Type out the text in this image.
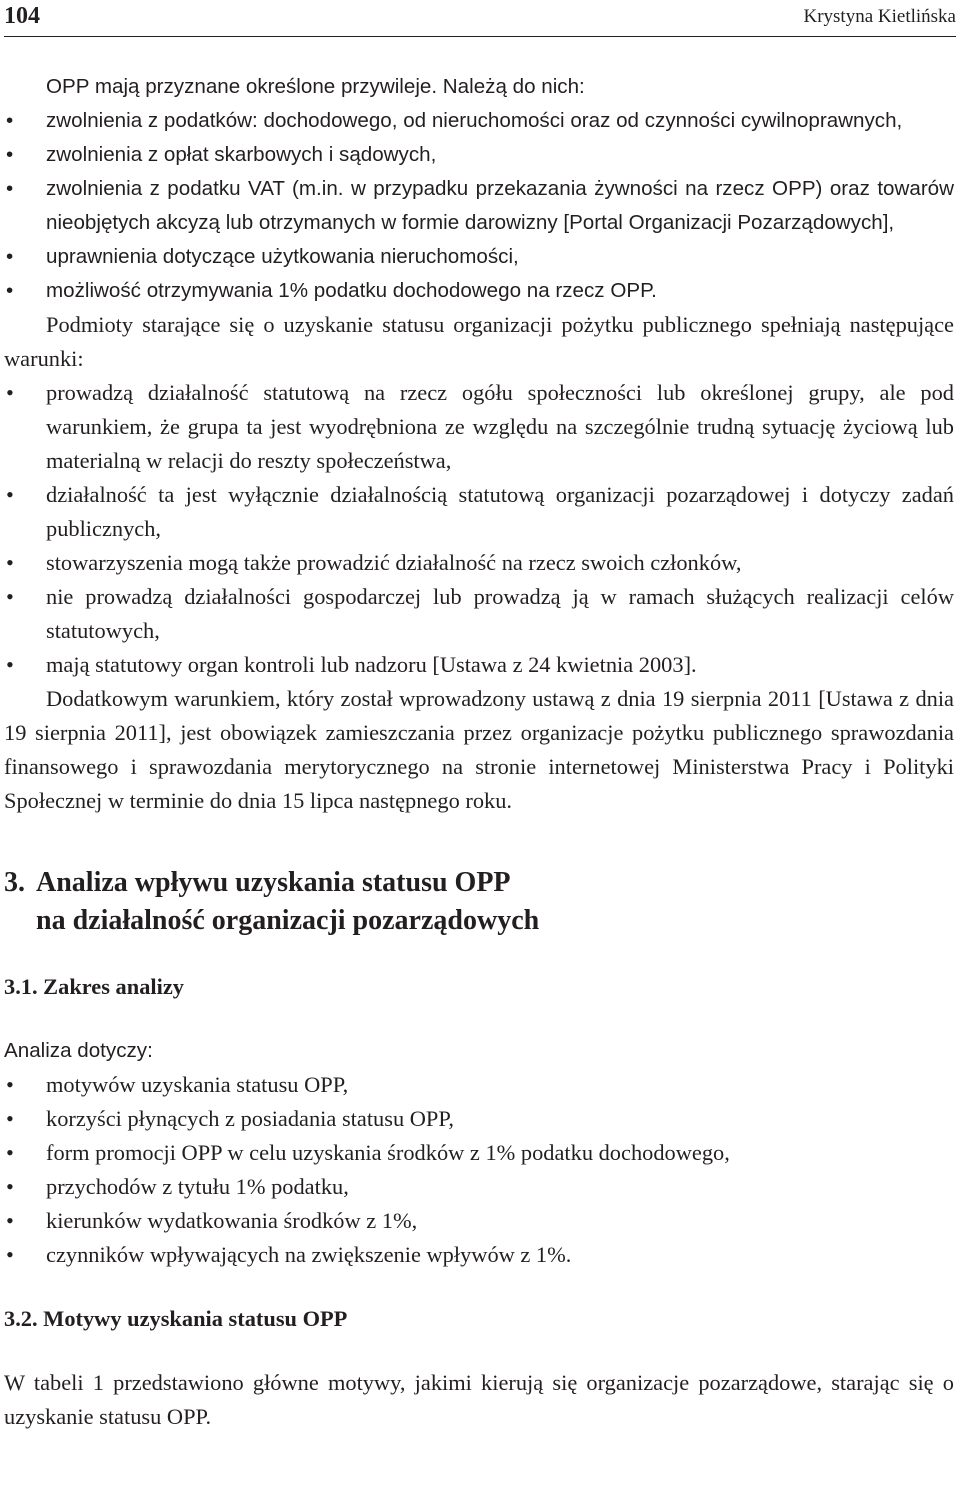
104	Krystyna Kietlińska

OPP mają przyznane określone przywileje. Należą do nich:

• zwolnienia z podatków: dochodowego, od nieruchomości oraz od czynności cywilnoprawnych,
• zwolnienia z opłat skarbowych i sądowych,
• zwolnienia z podatku VAT (m.in. w przypadku przekazania żywności na rzecz OPP) oraz towarów nieobjętych akcyzą lub otrzymanych w formie darowizny [Portal Organizacji Pozarządowych],
• uprawnienia dotyczące użytkowania nieruchomości,
• możliwość otrzymywania 1% podatku dochodowego na rzecz OPP.

Podmioty starające się o uzyskanie statusu organizacji pożytku publicznego spełniają następujące warunki:

• prowadzą działalność statutową na rzecz ogółu społeczności lub określonej grupy, ale pod warunkiem, że grupa ta jest wyodrębniona ze względu na szczególnie trudną sytuację życiową lub materialną w relacji do reszty społeczeństwa,
• działalność ta jest wyłącznie działalnością statutową organizacji pozarządowej i dotyczy zadań publicznych,
• stowarzyszenia mogą także prowadzić działalność na rzecz swoich członków,
• nie prowadzą działalności gospodarczej lub prowadzą ją w ramach służących realizacji celów statutowych,
• mają statutowy organ kontroli lub nadzoru [Ustawa z 24 kwietnia 2003].

Dodatkowym warunkiem, który został wprowadzony ustawą z dnia 19 sierpnia 2011 [Ustawa z dnia 19 sierpnia 2011], jest obowiązek zamieszczania przez organizacje pożytku publicznego sprawozdania finansowego i sprawozdania merytorycznego na stronie internetowej Ministerstwa Pracy i Polityki Społecznej w terminie do dnia 15 lipca następnego roku.

3. Analiza wpływu uzyskania statusu OPP
na działalność organizacji pozarządowych
3.1. Zakres analizy

Analiza dotyczy:

• motywów uzyskania statusu OPP,
• korzyści płynących z posiadania statusu OPP,
• form promocji OPP w celu uzyskania środków z 1% podatku dochodowego,
• przychodów z tytułu 1% podatku,
• kierunków wydatkowania środków z 1%,
• czynników wpływających na zwiększenie wpływów z 1%.
3.2. Motywy uzyskania statusu OPP

W tabeli 1 przedstawiono główne motywy, jakimi kierują się organizacje pozarządowe, starając się o uzyskanie statusu OPP.
